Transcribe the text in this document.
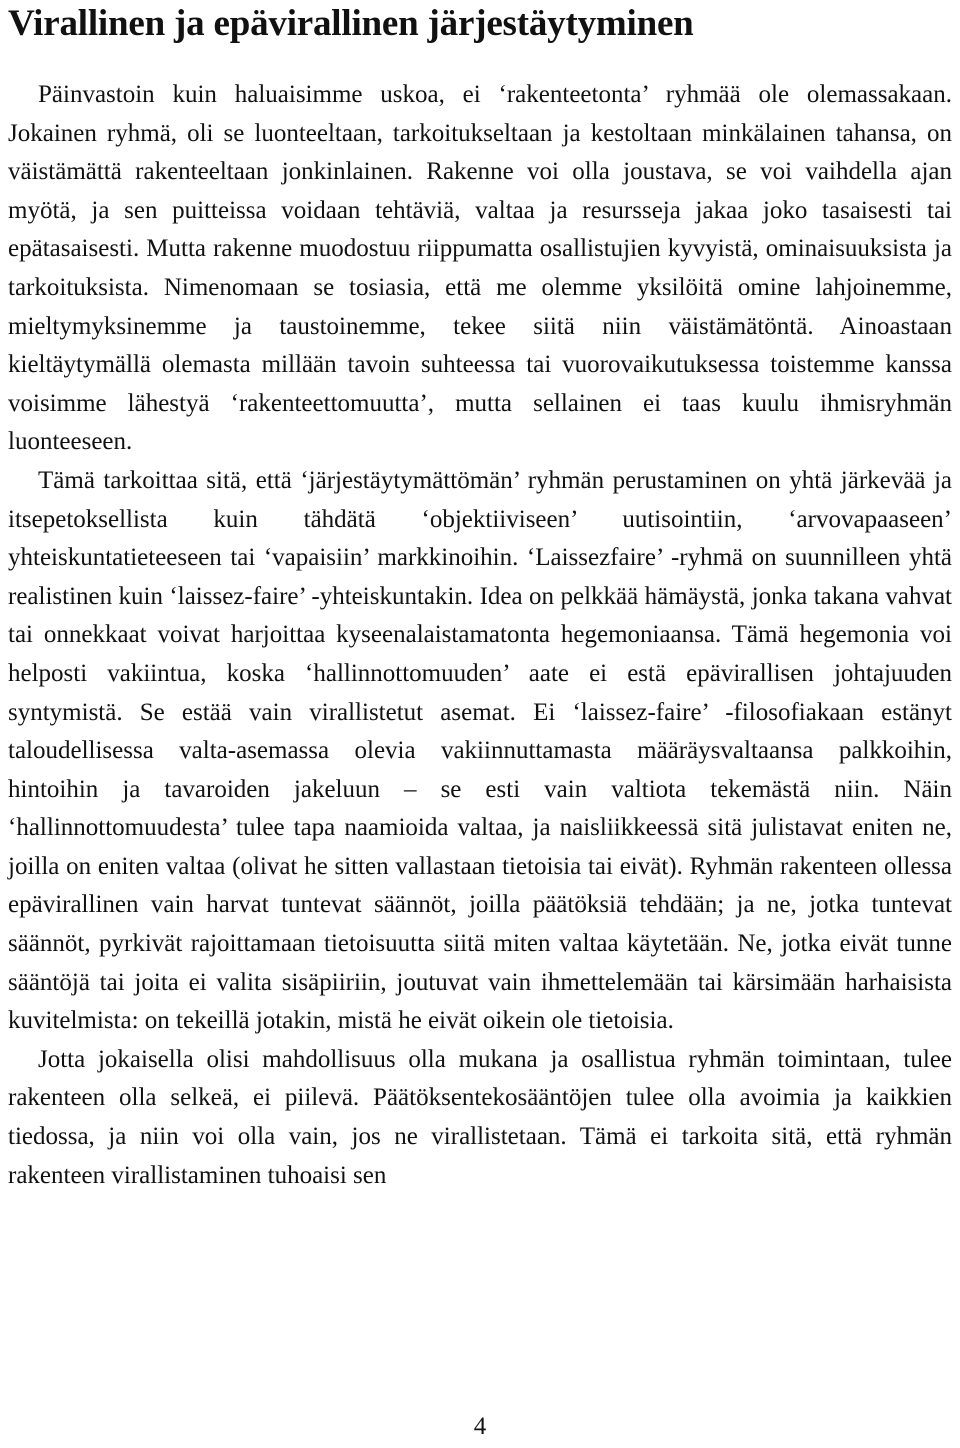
Virallinen ja epävirallinen järjestäytyminen

Päinvastoin kuin haluaisimme uskoa, ei ‘rakenteetonta’ ryhmää ole olemassakaan. Jokainen ryhmä, oli se luonteeltaan, tarkoitukseltaan ja kestoltaan minkälainen tahansa, on väistämättä rakenteeltaan jonkinlainen. Rakenne voi olla joustava, se voi vaihdella ajan myötä, ja sen puitteissa voidaan tehtäviä, valtaa ja resursseja jakaa joko tasaisesti tai epätasaisesti. Mutta rakenne muodostuu riippumatta osallistujien kyvyistä, ominaisuuksista ja tarkoituksista. Nimenomaan se tosiasia, että me olemme yksilöitä omine lahjoinemme, mieltymyksinemme ja taustoinemme, tekee siitä niin väistämätöntä. Ainoastaan kieltäytymällä olemasta millään tavoin suhteessa tai vuorovaikutuksessa toistemme kanssa voisimme lähestyä ‘rakenteettomuutta’, mutta sellainen ei taas kuulu ihmisryhmän luonteeseen.

Tämä tarkoittaa sitä, että ‘järjestäytymättömän’ ryhmän perustaminen on yhtä järkevää ja itsepetoksellista kuin tähdätä ‘objektiiviseen’ uutisointiin, ‘arvovapaaseen’ yhteiskuntatieteeseen tai ‘vapaisiin’ markkinoihin. ‘Laissezfaire’ -ryhmä on suunnilleen yhtä realistinen kuin ‘laissez-faire’ -yhteiskuntakin. Idea on pelkkää hämäystä, jonka takana vahvat tai onnekkaat voivat harjoittaa kyseenalaistamatonta hegemoniaansa. Tämä hegemonia voi helposti vakiintua, koska ‘hallinnottomuuden’ aate ei estä epävirallisen johtajuuden syntymistä. Se estää vain virallistetut asemat. Ei ‘laissez-faire’ -filosofiakaan estänyt taloudellisessa valta-asemassa olevia vakiinnuttamasta määräysvaltaansa palkkoihin, hintoihin ja tavaroiden jakeluun – se esti vain valtiota tekemästä niin. Näin ‘hallinnottomuudesta’ tulee tapa naamioida valtaa, ja naisliikkeessä sitä julistavat eniten ne, joilla on eniten valtaa (olivat he sitten vallastaan tietoisia tai eivät). Ryhmän rakenteen ollessa epävirallinen vain harvat tuntevat säännöt, joilla päätöksiä tehdään; ja ne, jotka tuntevat säännöt, pyrkivät rajoittamaan tietoisuutta siitä miten valtaa käytetään. Ne, jotka eivät tunne sääntöjä tai joita ei valita sisäpiiriin, joutuvat vain ihmettelemään tai kärsimään harhaisista kuvitelmista: on tekeillä jotakin, mistä he eivät oikein ole tietoisia.

Jotta jokaisella olisi mahdollisuus olla mukana ja osallistua ryhmän toimintaan, tulee rakenteen olla selkeä, ei piilevä. Päätöksentekosääntöjen tulee olla avoimia ja kaikkien tiedossa, ja niin voi olla vain, jos ne virallistetaan. Tämä ei tarkoita sitä, että ryhmän rakenteen virallistaminen tuhoaisi sen

4
